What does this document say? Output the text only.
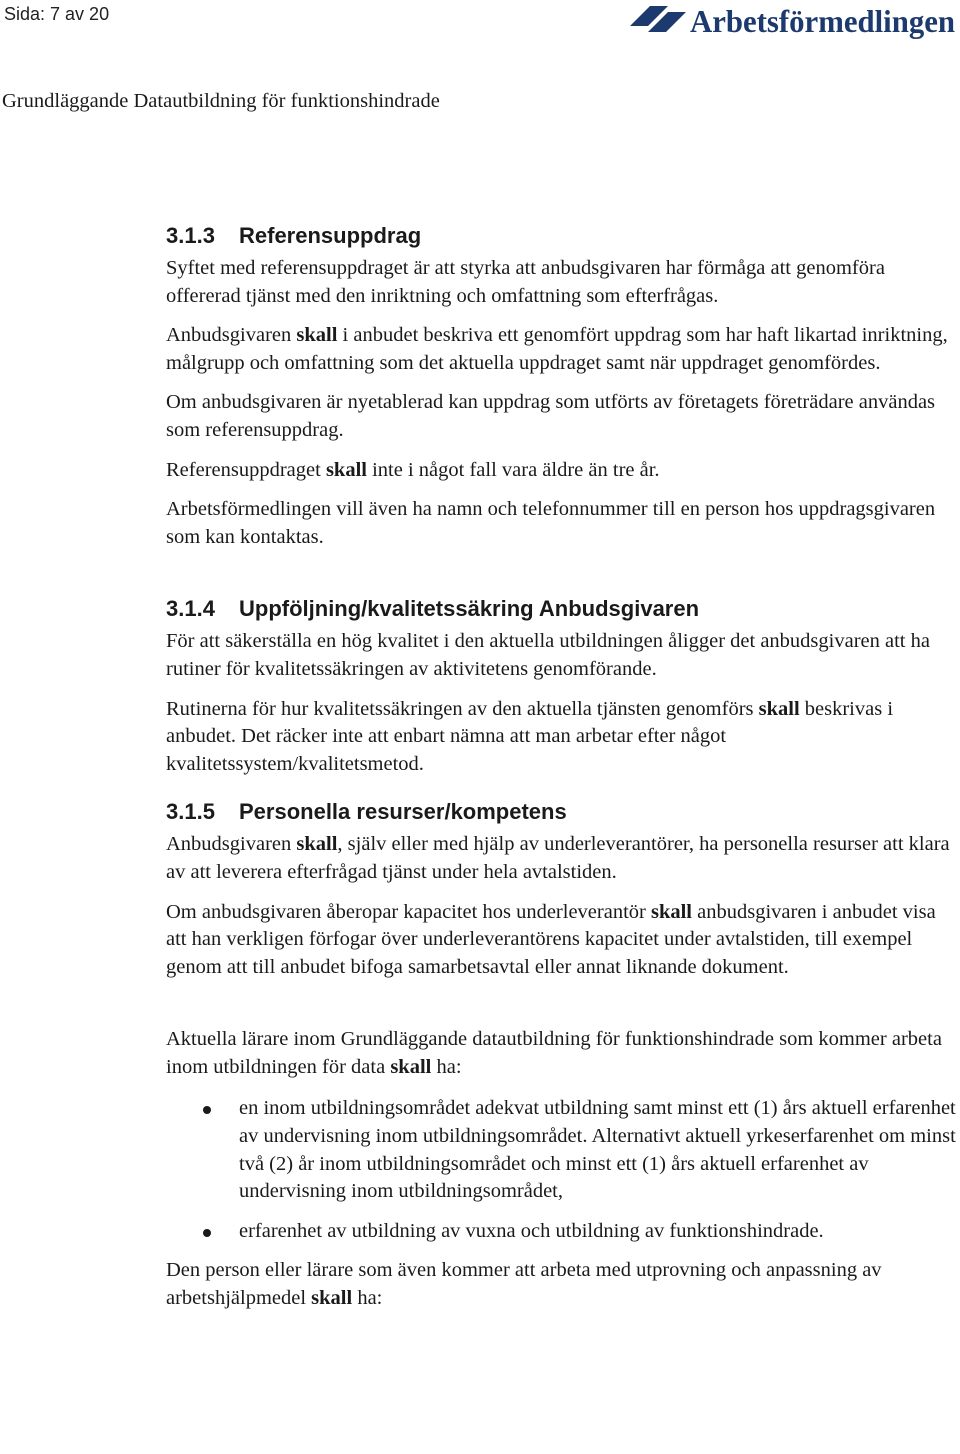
Sida: 7 av 20	Arbetsförmedlingen
Grundläggande Datautbildning för funktionshindrade
3.1.3 Referensuppdrag

Syftet med referensuppdraget är att styrka att anbudsgivaren har förmåga att genomföra offererad tjänst med den inriktning och omfattning som efterfrågas.

Anbudsgivaren skall i anbudet beskriva ett genomfört uppdrag som har haft likartad inriktning, målgrupp och omfattning som det aktuella uppdraget samt när uppdraget genomfördes.

Om anbudsgivaren är nyetablerad kan uppdrag som utförts av företagets företrädare användas som referensuppdrag.

Referensuppdraget skall inte i något fall vara äldre än tre år.

Arbetsförmedlingen vill även ha namn och telefonnummer till en person hos uppdragsgivaren som kan kontaktas.

3.1.4 Uppföljning/kvalitetssäkring Anbudsgivaren

För att säkerställa en hög kvalitet i den aktuella utbildningen åligger det anbudsgivaren att ha rutiner för kvalitetssäkringen av aktivitetens genomförande.

Rutinerna för hur kvalitetssäkringen av den aktuella tjänsten genomförs skall beskrivas i anbudet. Det räcker inte att enbart nämna att man arbetar efter något kvalitetssystem/kvalitetsmetod.

3.1.5 Personella resurser/kompetens

Anbudsgivaren skall, själv eller med hjälp av underleverantörer, ha personella resurser att klara av att leverera efterfrågad tjänst under hela avtalstiden.

Om anbudsgivaren åberopar kapacitet hos underleverantör skall anbudsgivaren i anbudet visa att han verkligen förfogar över underleverantörens kapacitet under avtalstiden, till exempel genom att till anbudet bifoga samarbetsavtal eller annat liknande dokument.

Aktuella lärare inom Grundläggande datautbildning för funktionshindrade som kommer arbeta inom utbildningen för data skall ha:

en inom utbildningsområdet adekvat utbildning samt minst ett (1) års aktuell erfarenhet av undervisning inom utbildningsområdet. Alternativt aktuell yrkeserfarenhet om minst två (2) år inom utbildningsområdet och minst ett (1) års aktuell erfarenhet av undervisning inom utbildningsområdet,
erfarenhet av utbildning av vuxna och utbildning av funktionshindrade.

Den person eller lärare som även kommer att arbeta med utprovning och anpassning av arbetshjälpmedel skall ha:
